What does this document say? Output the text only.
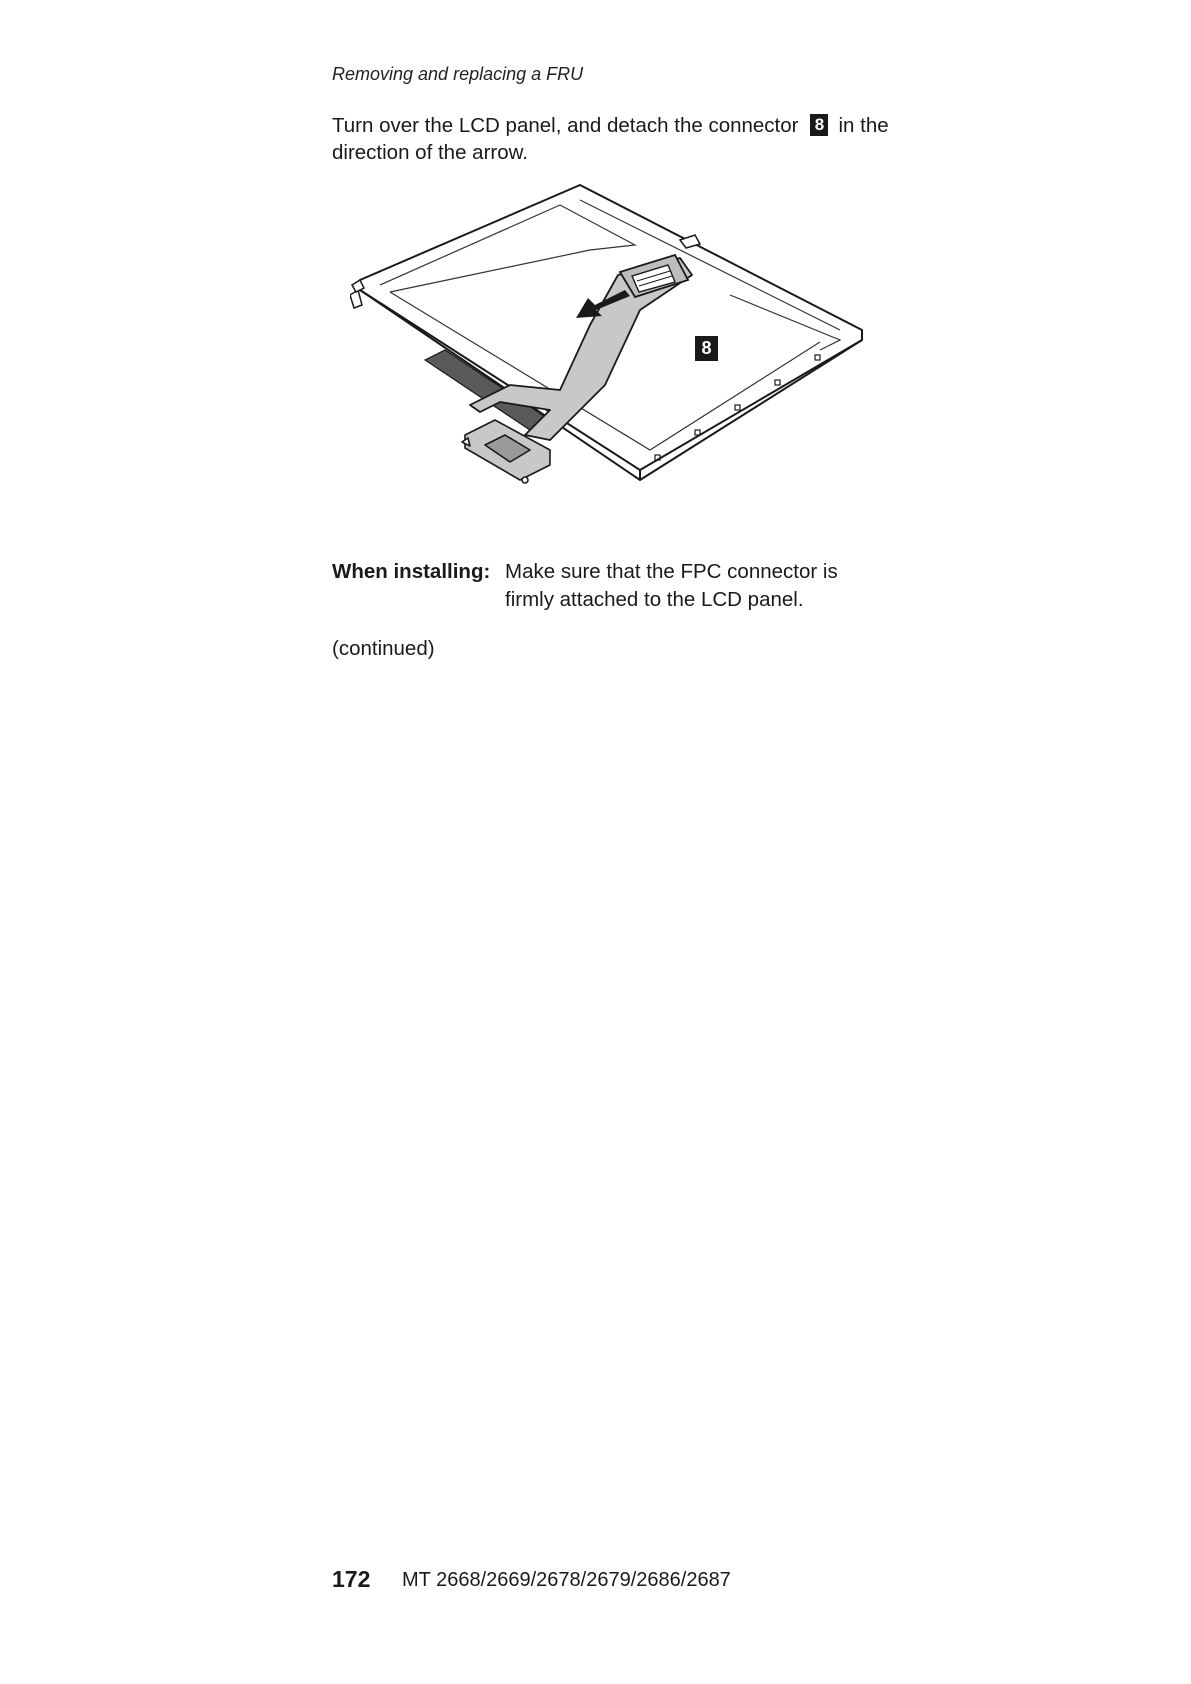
Removing and replacing a FRU
Turn over the LCD panel, and detach the connector 8 in the direction of the arrow.
8
When installing: Make sure that the FPC connector is firmly attached to the LCD panel.
(continued)
172 MT 2668/2669/2678/2679/2686/2687
